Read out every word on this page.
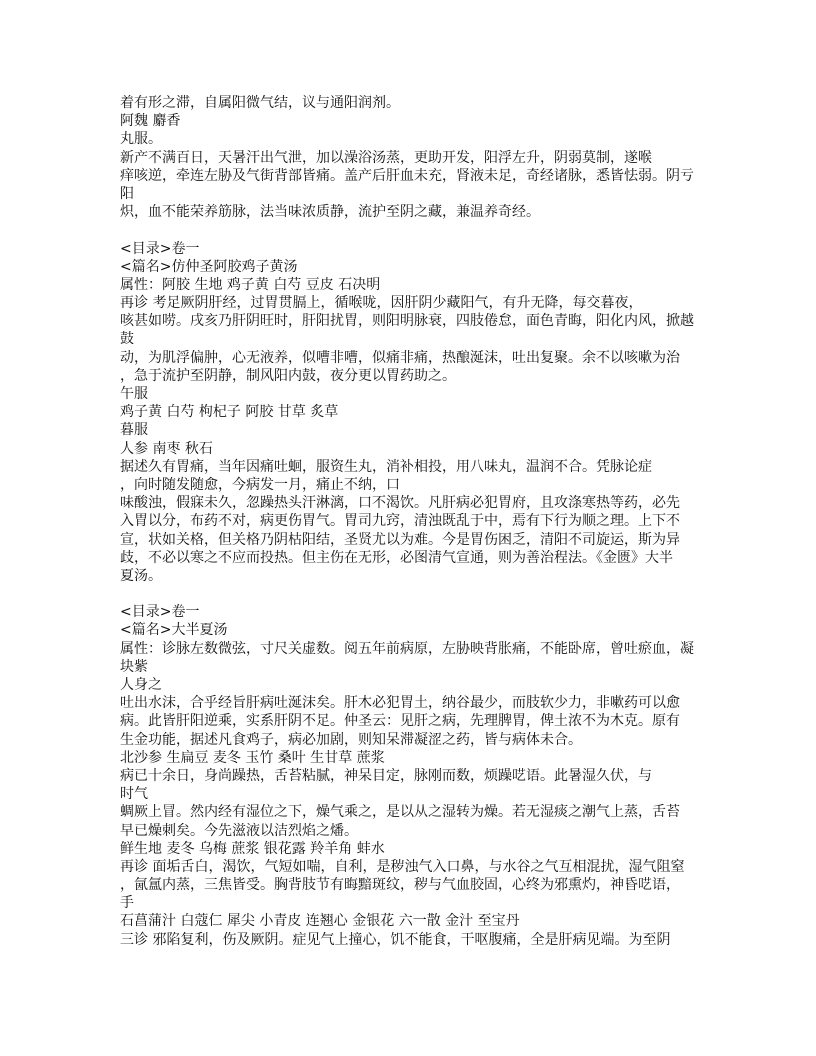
着有形之滞，自属阳微气结，议与通阳润剂。
阿魏 麝香
丸服。
新产不满百日，天暑汗出气泄，加以澡浴汤蒸，更助开发，阳浮左升，阴弱莫制，遂喉
痒咳逆，牵连左胁及气街背部皆痛。盖产后肝血未充，肾液未足，奇经诸脉，悉皆怯弱。阴亏
阳
炽，血不能荣养筋脉，法当味浓质静，流护至阴之藏，兼温养奇经。
<目录>卷一
<篇名>仿仲圣阿胶鸡子黄汤
属性：阿胶 生地 鸡子黄 白芍 豆皮 石决明
再诊 考足厥阴肝经，过胃贯膈上，循喉咙，因肝阴少藏阳气，有升无降，每交暮夜，
咳甚如唠。戌亥乃肝阴旺时，肝阳扰胃，则阳明脉衰，四肢倦怠，面色青晦，阳化内风，掀越
鼓
动，为肌浮偏肿，心无液养，似嘈非嘈，似痛非痛，热酿涎沫，吐出复聚。余不以咳嗽为治
，急于流护至阴静，制风阳内鼓，夜分更以胃药助之。
午服
鸡子黄 白芍 枸杞子 阿胶 甘草 炙草
暮服
人参 南枣 秋石
据述久有胃痛，当年因痛吐蛔，服资生丸，消补相投，用八味丸，温润不合。凭脉论症
，向时随发随愈，今病发一月，痛止不纳，口
味酸浊，假寐未久，忽躁热头汗淋漓，口不渴饮。凡肝病必犯胃府，且攻涤寒热等药，必先
入胃以分，布药不对，病更伤胃气。胃司九窍，清浊既乱于中，焉有下行为顺之理。上下不
宣，状如关格，但关格乃阴枯阳结，圣贤尤以为难。今是胃伤困乏，清阳不司旋运，斯为异
歧，不必以寒之不应而投热。但主伤在无形，必图清气宣通，则为善治程法。《金匮》大半
夏汤。
<目录>卷一
<篇名>大半夏汤
属性：诊脉左数微弦，寸尺关虚数。阅五年前病原，左胁映背胀痛，不能卧席，曾吐瘀血，凝
块紫
人身之
吐出水沫，合乎经旨肝病吐涎沫矣。肝木必犯胃土，纳谷最少，而肢软少力，非嗽药可以愈
病。此皆肝阳逆乘，实系肝阴不足。仲圣云：见肝之病，先理脾胃，俾土浓不为木克。原有
生金功能，据述凡食鸡子，病必加剧，则知呆滞凝涩之药，皆与病体未合。
北沙参 生扁豆 麦冬 玉竹 桑叶 生甘草 蔗浆
病已十余日，身尚躁热，舌苔粘腻，神呆目定，脉刚而数，烦躁呓语。此暑湿久伏，与
时气
蜩厥上冒。然内经有湿位之下，燥气乘之，是以从之湿转为燥。若无湿痰之潮气上蒸，舌苔
早已燥刺矣。今先滋液以洁烈焰之燔。
鲜生地 麦冬 乌梅 蔗浆 银花露 羚羊角 蚌水
再诊 面垢舌白，渴饮，气短如喘，自利，是秽浊气入口鼻，与水谷之气互相混扰，湿气阻窒
，氤氲内蒸，三焦皆受。胸背肢节有晦黯斑纹，秽与气血胶固，心终为邪熏灼，神昏呓语，
手
石菖蒲汁 白蔻仁 犀尖 小青皮 连翘心 金银花 六一散 金汁 至宝丹
三诊 邪陷复利，伤及厥阴。症见气上撞心，饥不能食，干呕腹痛，全是肝病见端。为至阴
